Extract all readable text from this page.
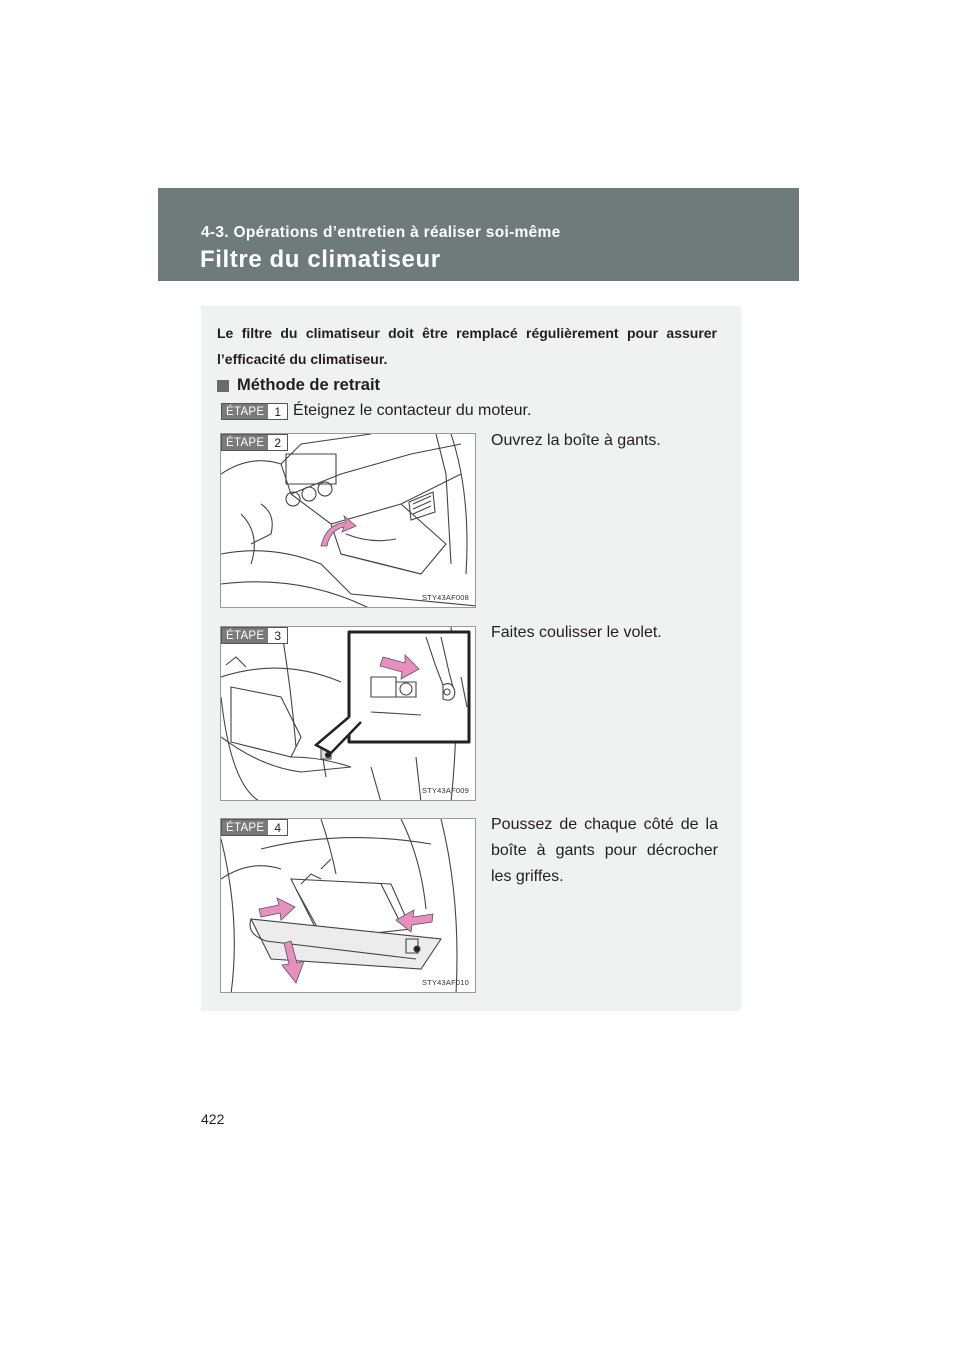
4-3. Opérations d’entretien à réaliser soi-même
Filtre du climatiseur
Le filtre du climatiseur doit être remplacé régulièrement pour assurer l’efficacité du climatiseur.
Méthode de retrait
ÉTAPE 1 Éteignez le contacteur du moteur.
ÉTAPE 2
STY43AF008
Ouvrez la boîte à gants.
ÉTAPE 3
STY43AF009
Faites coulisser le volet.
ÉTAPE 4
STY43AF010
Poussez de chaque côté de la boîte à gants pour décrocher les griffes.
422
